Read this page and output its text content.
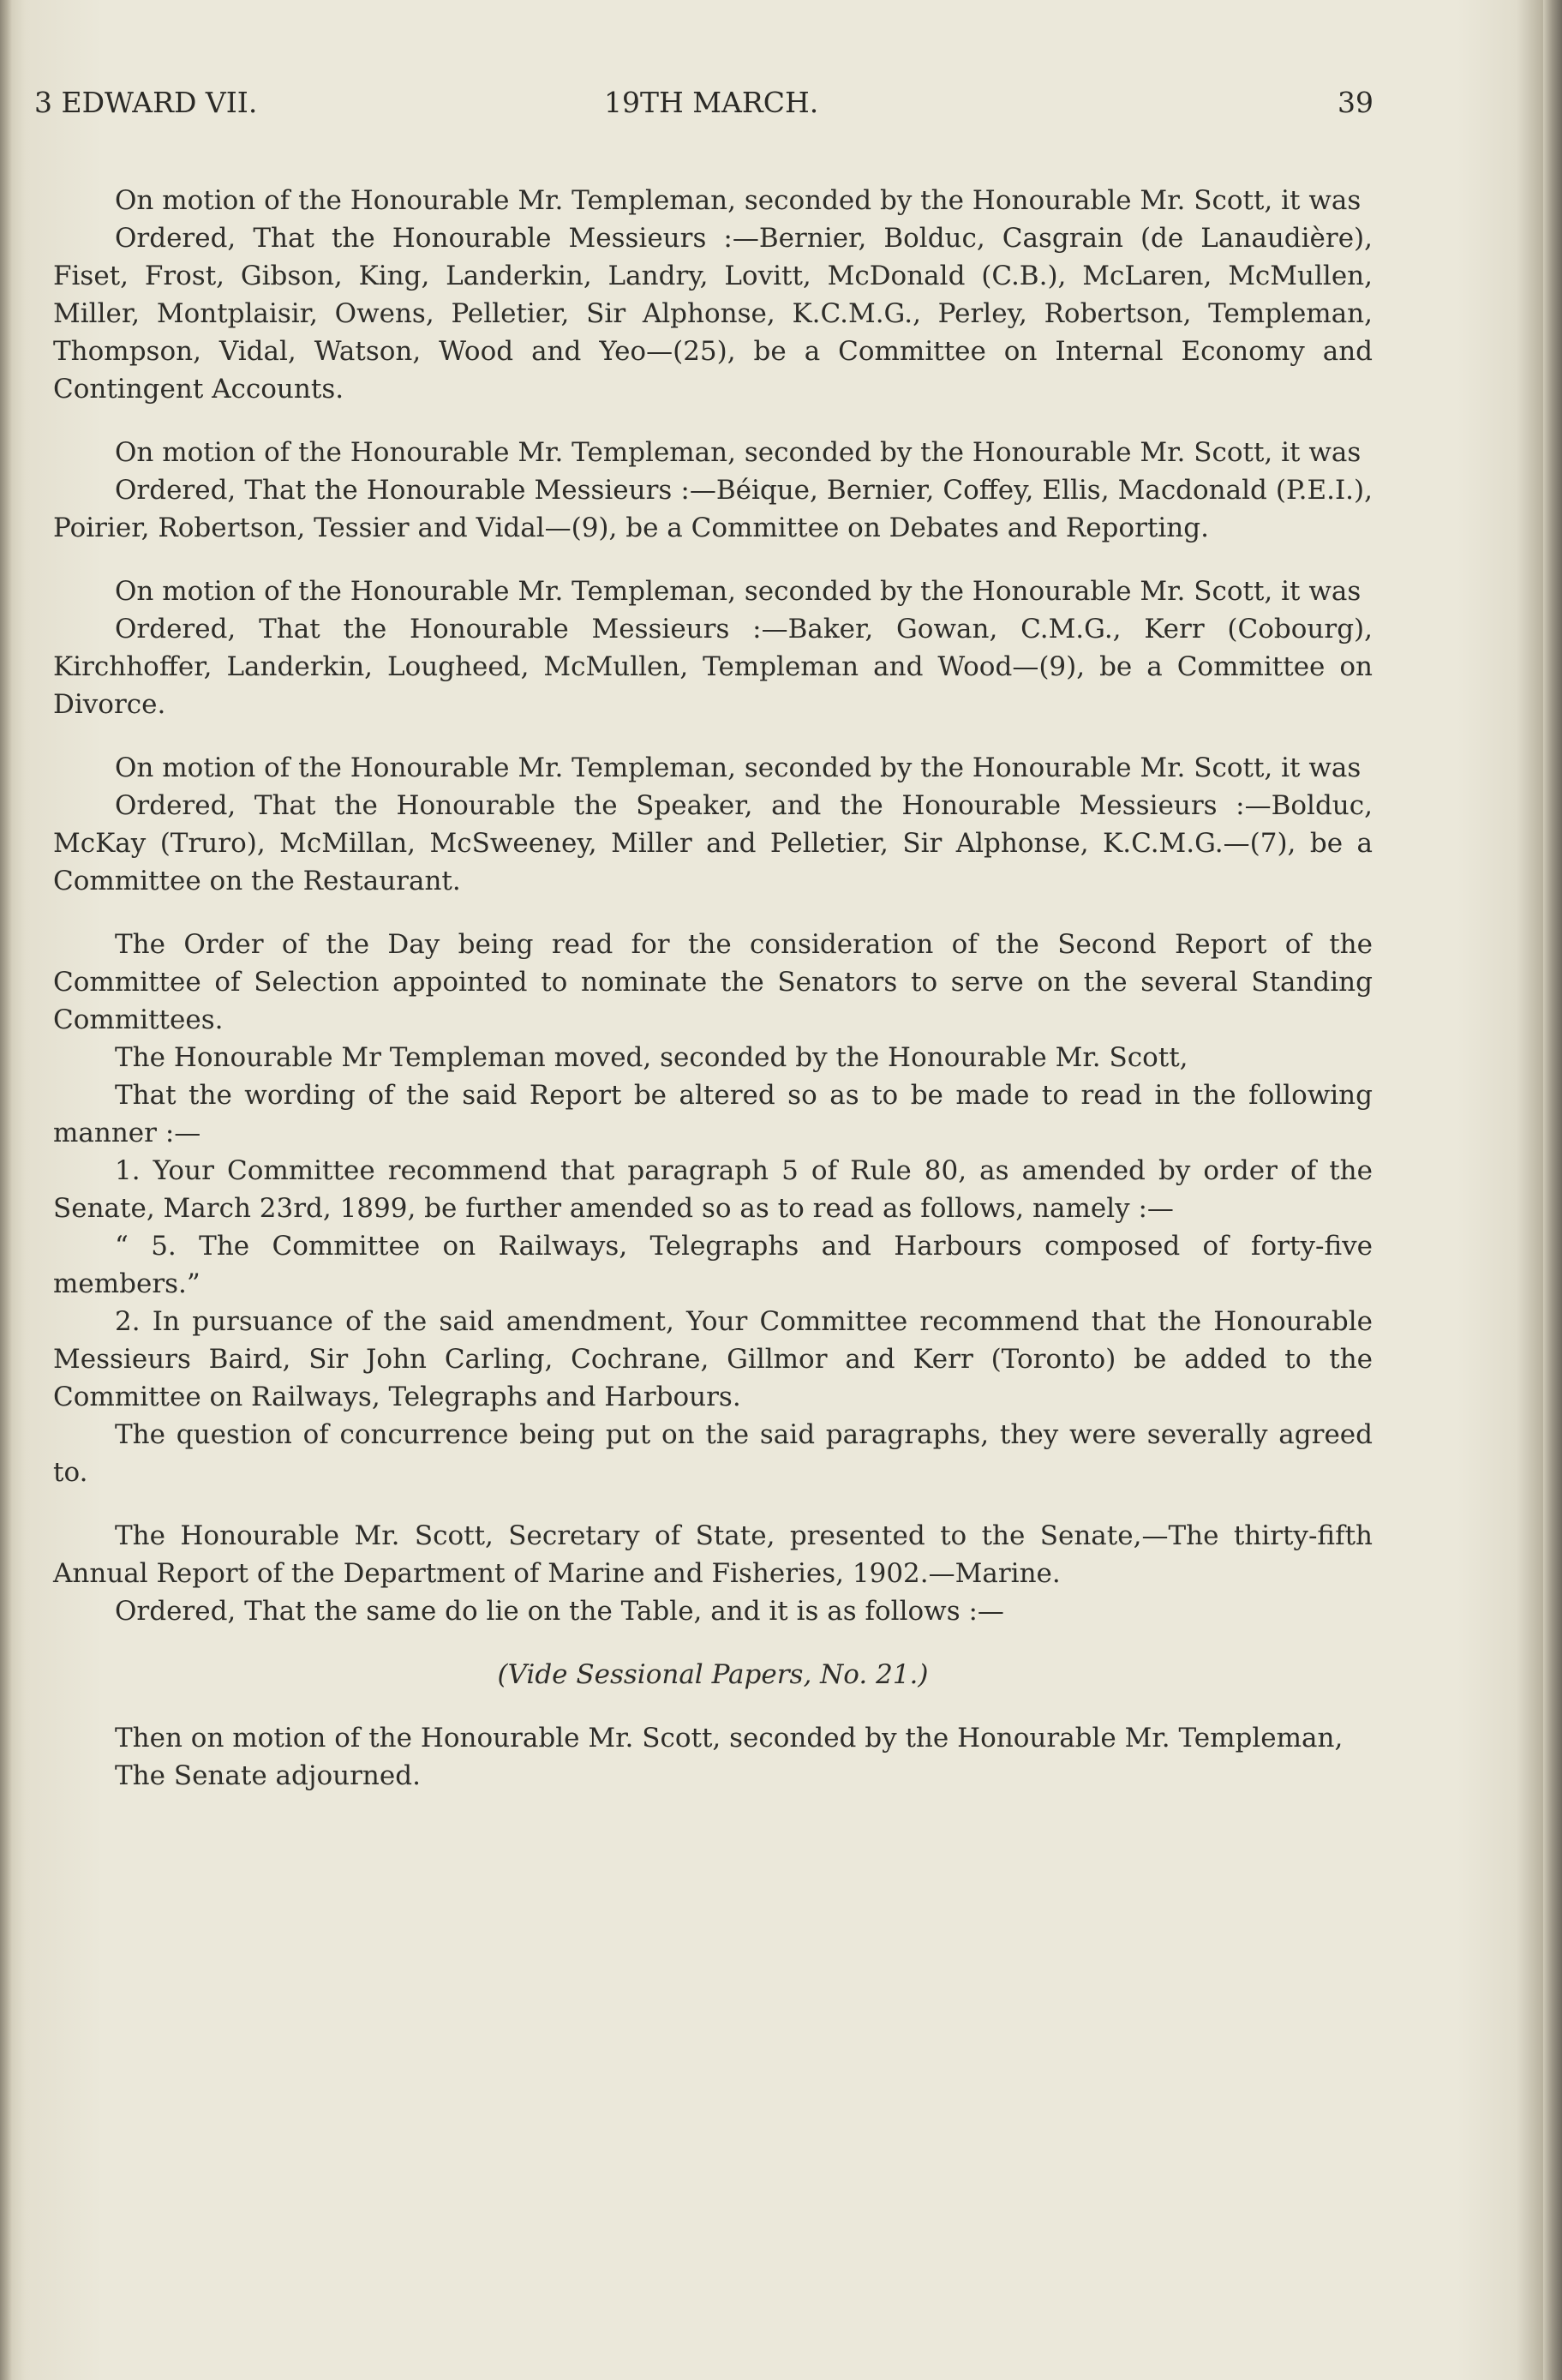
3 EDWARD VII.	19TH MARCH.	39

On motion of the Honourable Mr. Templeman, seconded by the Honourable Mr. Scott, it was

Ordered, That the Honourable Messieurs :—Bernier, Bolduc, Casgrain (de Lanaudière), Fiset, Frost, Gibson, King, Landerkin, Landry, Lovitt, McDonald (C.B.), McLaren, McMullen, Miller, Montplaisir, Owens, Pelletier, Sir Alphonse, K.C.M.G., Perley, Robertson, Templeman, Thompson, Vidal, Watson, Wood and Yeo—(25), be a Committee on Internal Economy and Contingent Accounts.

On motion of the Honourable Mr. Templeman, seconded by the Honourable Mr. Scott, it was

Ordered, That the Honourable Messieurs :—Béique, Bernier, Coffey, Ellis, Macdonald (P.E.I.), Poirier, Robertson, Tessier and Vidal—(9), be a Committee on Debates and Reporting.

On motion of the Honourable Mr. Templeman, seconded by the Honourable Mr. Scott, it was

Ordered, That the Honourable Messieurs :—Baker, Gowan, C.M.G., Kerr (Cobourg), Kirchhoffer, Landerkin, Lougheed, McMullen, Templeman and Wood—(9), be a Committee on Divorce.

On motion of the Honourable Mr. Templeman, seconded by the Honourable Mr. Scott, it was

Ordered, That the Honourable the Speaker, and the Honourable Messieurs :—Bolduc, McKay (Truro), McMillan, McSweeney, Miller and Pelletier, Sir Alphonse, K.C.M.G.—(7), be a Committee on the Restaurant.

The Order of the Day being read for the consideration of the Second Report of the Committee of Selection appointed to nominate the Senators to serve on the several Standing Committees.

The Honourable Mr Templeman moved, seconded by the Honourable Mr. Scott,

That the wording of the said Report be altered so as to be made to read in the following manner :—

1. Your Committee recommend that paragraph 5 of Rule 80, as amended by order of the Senate, March 23rd, 1899, be further amended so as to read as follows, namely :—

“ 5. The Committee on Railways, Telegraphs and Harbours composed of forty-five members.”

2. In pursuance of the said amendment, Your Committee recommend that the Honourable Messieurs Baird, Sir John Carling, Cochrane, Gillmor and Kerr (Toronto) be added to the Committee on Railways, Telegraphs and Harbours.

The question of concurrence being put on the said paragraphs, they were severally agreed to.

The Honourable Mr. Scott, Secretary of State, presented to the Senate,—The thirty-fifth Annual Report of the Department of Marine and Fisheries, 1902.—Marine.

Ordered, That the same do lie on the Table, and it is as follows :—

(Vide Sessional Papers, No. 21.)

Then on motion of the Honourable Mr. Scott, seconded by the Honourable Mr. Templeman,

The Senate adjourned.
